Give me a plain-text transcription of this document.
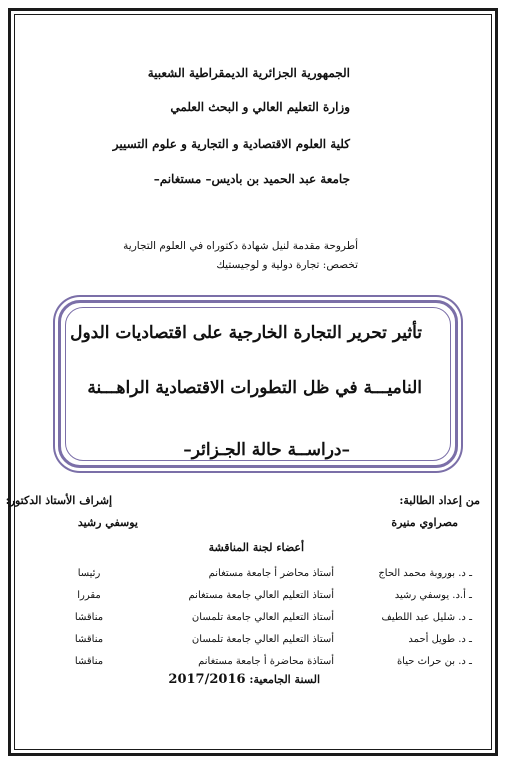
الجمهورية الجزائرية الديمقراطية الشعبية
وزارة التعليم العالي و البحث العلمي
كلية العلوم الاقتصادية و التجارية و علوم التسيير
جامعة عبد الحميد بن باديس– مستغانم–
أطروحة مقدمة لنيل شهادة دكتوراه في العلوم التجارية
تخصص: تجارة دولية و لوجيستيك
تأثير تحرير التجارة الخارجية على اقتصاديات الدول
الناميـــة في ظل التطورات الاقتصادية الراهـــنة
–دراســة حالة الجـزائر–
من إعداد الطالبة:
مصراوي منيرة
إشراف الأستاذ الدكتور:
يوسفي رشيد
أعضاء لجنة المناقشة
ـ د. بوروبة محمد الحاج	أستاذ محاضر أ جامعة مستغانم	رئيسا
ـ أ.د. يوسفي رشيد	أستاذ التعليم العالي جامعة مستغانم	مقررا
ـ د. شليل عبد اللطيف	أستاذ التعليم العالي جامعة تلمسان	مناقشا
ـ د. طويل أحمد	أستاذ التعليم العالي جامعة تلمسان	مناقشا
ـ د. بن حراث حياة	أستاذة محاضرة أ جامعة مستغانم	مناقشا
السنة الجامعية: 2017/2016
